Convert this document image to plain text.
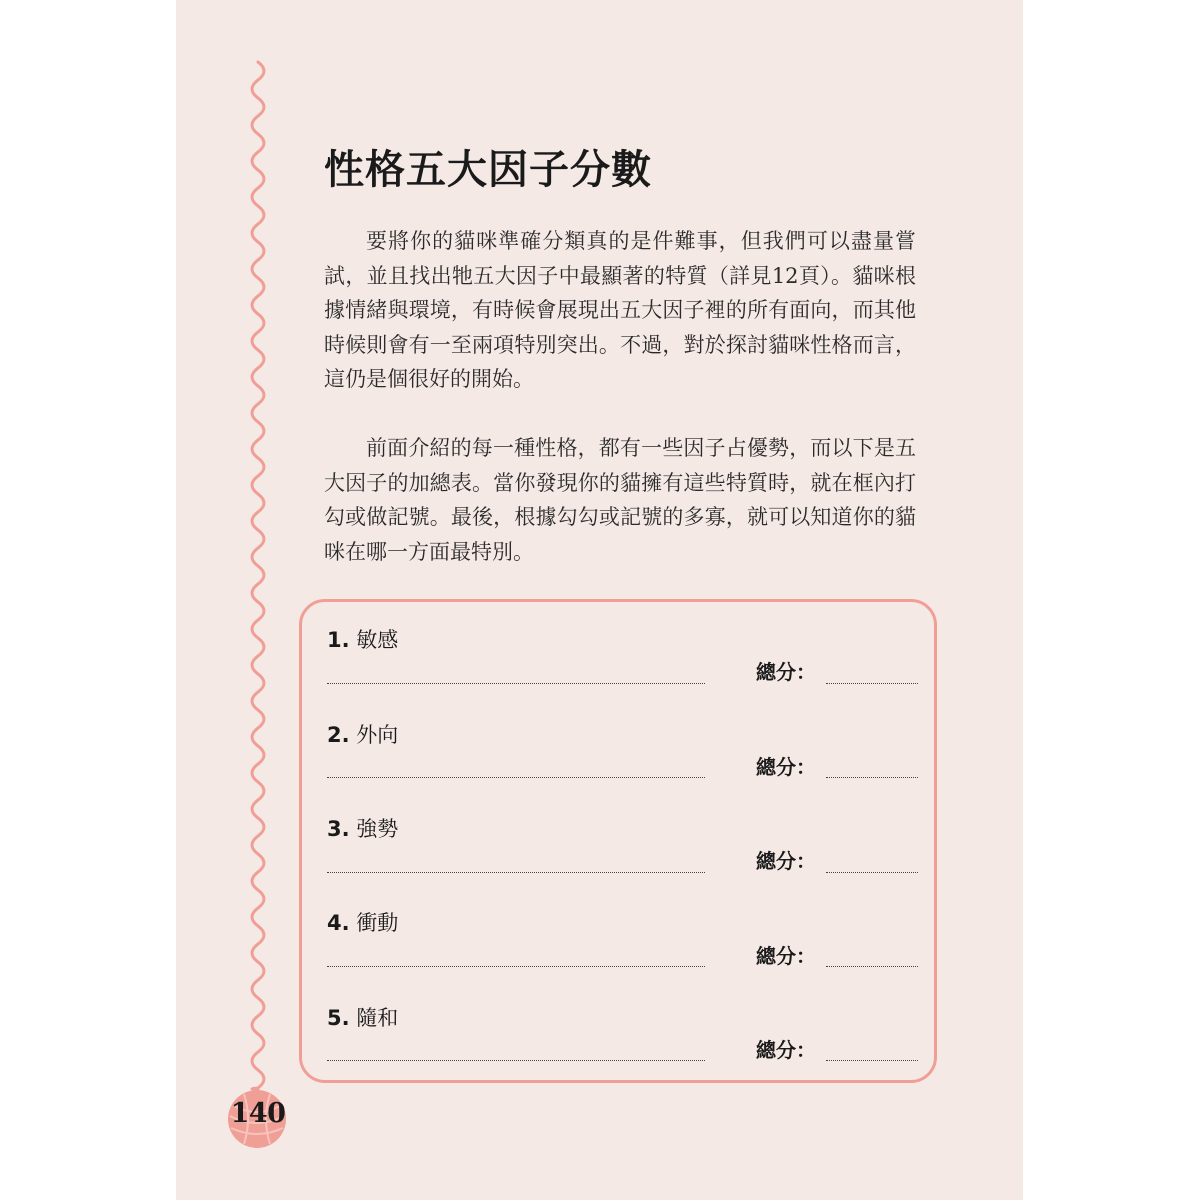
性格五大因子分數

要將你的貓咪準確分類真的是件難事，但我們可以盡量嘗試，並且找出牠五大因子中最顯著的特質（詳見12頁）。貓咪根據情緒與環境，有時候會展現出五大因子裡的所有面向，而其他時候則會有一至兩項特別突出。不過，對於探討貓咪性格而言，這仍是個很好的開始。

前面介紹的每一種性格，都有一些因子占優勢，而以下是五大因子的加總表。當你發現你的貓擁有這些特質時，就在框內打勾或做記號。最後，根據勾勾或記號的多寡，就可以知道你的貓咪在哪一方面最特別。

1. 敏感
總分：
2. 外向
總分：
3. 強勢
總分：
4. 衝動
總分：
5. 隨和
總分：
140
